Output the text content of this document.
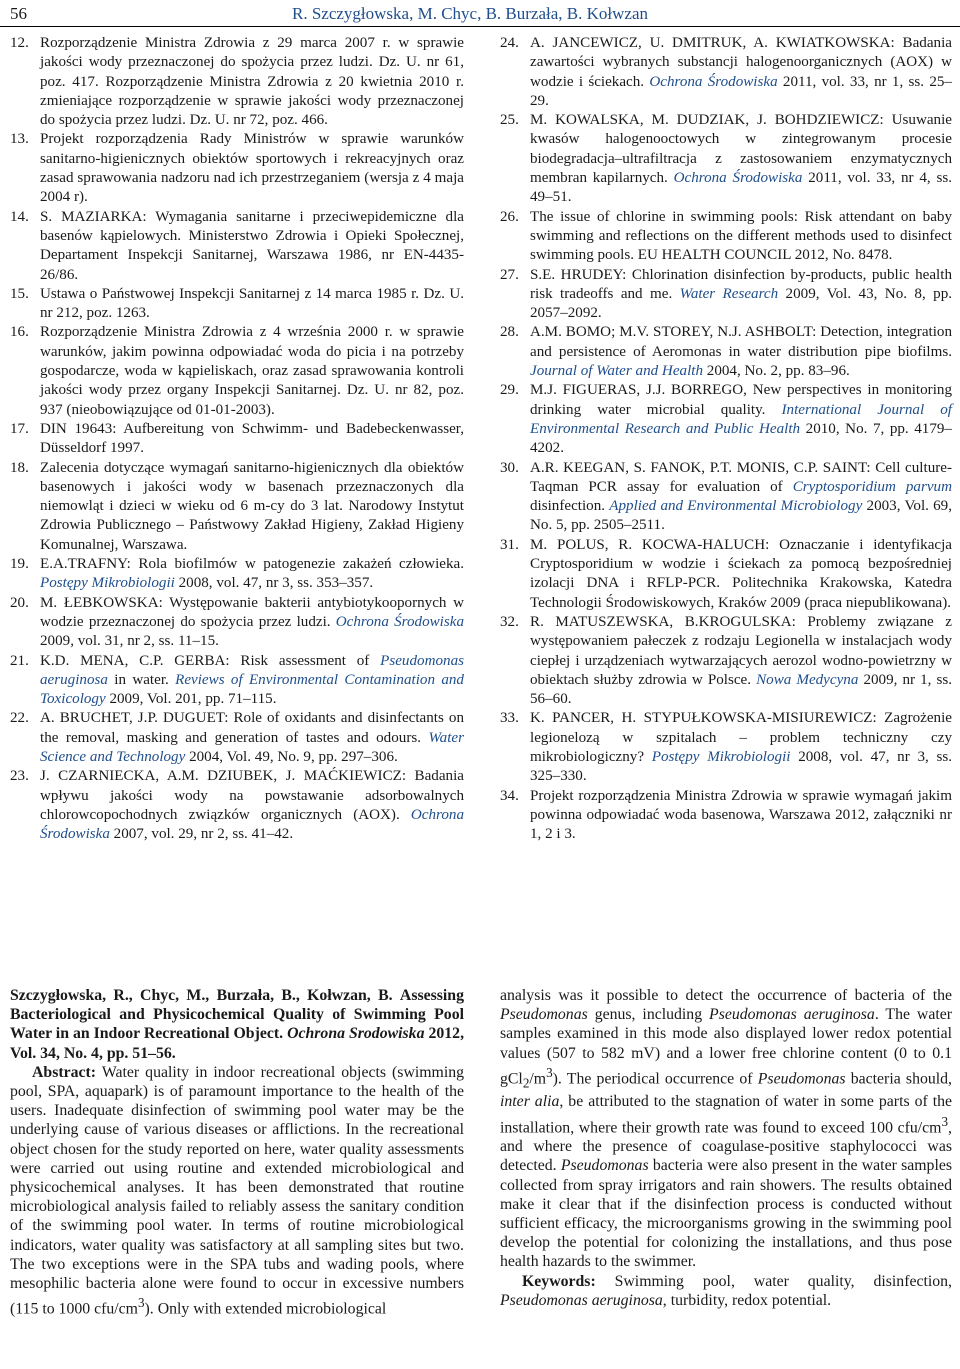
56	R. Szczygłowska, M. Chyc, B. Burzała, B. Kołwzan
12. Rozporządzenie Ministra Zdrowia z 29 marca 2007 r. w sprawie jakości wody przeznaczonej do spożycia przez ludzi. Dz. U. nr 61, poz. 417. Rozporządzenie Ministra Zdrowia z 20 kwietnia 2010 r. zmieniające rozporządzenie w sprawie jakości wody przeznaczonej do spożycia przez ludzi. Dz. U. nr 72, poz. 466.
13. Projekt rozporządzenia Rady Ministrów w sprawie warunków sanitarno-higienicznych obiektów sportowych i rekreacyjnych oraz zasad sprawowania nadzoru nad ich przestrzeganiem (wersja z 4 maja 2004 r).
14. S. MAZIARKA: Wymagania sanitarne i przeciwepidemiczne dla basenów kąpielowych. Ministerstwo Zdrowia i Opieki Społecznej, Departament Inspekcji Sanitarnej, Warszawa 1986, nr EN-4435-26/86.
15. Ustawa o Państwowej Inspekcji Sanitarnej z 14 marca 1985 r. Dz. U. nr 212, poz. 1263.
16. Rozporządzenie Ministra Zdrowia z 4 września 2000 r. w sprawie warunków, jakim powinna odpowiadać woda do picia i na potrzeby gospodarcze, woda w kąpieliskach, oraz zasad sprawowania kontroli jakości wody przez organy Inspekcji Sanitarnej. Dz. U. nr 82, poz. 937 (nieobowiązujące od 01-01-2003).
17. DIN 19643: Aufbereitung von Schwimm- und Badebeckenwasser, Düsseldorf 1997.
18. Zalecenia dotyczące wymagań sanitarno-higienicznych dla obiektów basenowych i jakości wody w basenach przeznaczonych dla niemowląt i dzieci w wieku od 6 m-cy do 3 lat. Narodowy Instytut Zdrowia Publicznego – Państwowy Zakład Higieny, Zakład Higieny Komunalnej, Warszawa.
19. E.A.TRAFNY: Rola biofilmów w patogenezie zakażeń człowieka. Postępy Mikrobiologii 2008, vol. 47, nr 3, ss. 353–357.
20. M. ŁEBKOWSKA: Występowanie bakterii antybiotykoopornych w wodzie przeznaczonej do spożycia przez ludzi. Ochrona Środowiska 2009, vol. 31, nr 2, ss. 11–15.
21. K.D. MENA, C.P. GERBA: Risk assessment of Pseudomonas aeruginosa in water. Reviews of Environmental Contamination and Toxicology 2009, Vol. 201, pp. 71–115.
22. A. BRUCHET, J.P. DUGUET: Role of oxidants and disinfectants on the removal, masking and generation of tastes and odours. Water Science and Technology 2004, Vol. 49, No. 9, pp. 297–306.
23. J. CZARNIECKA, A.M. DZIUBEK, J. MAĆKIEWICZ: Badania wpływu jakości wody na powstawanie adsorbowalnych chlorowcopochodnych związków organicznych (AOX). Ochrona Środowiska 2007, vol. 29, nr 2, ss. 41–42.
24. A. JANCEWICZ, U. DMITRUK, A. KWIATKOWSKA: Badania zawartości wybranych substancji halogenoorganicznych (AOX) w wodzie i ściekach. Ochrona Środowiska 2011, vol. 33, nr 1, ss. 25–29.
25. M. KOWALSKA, M. DUDZIAK, J. BOHDZIEWICZ: Usuwanie kwasów halogenooctowych w zintegrowanym procesie biodegradacja–ultrafiltracja z zastosowaniem enzymatycznych membran kapilarnych. Ochrona Środowiska 2011, vol. 33, nr 4, ss. 49–51.
26. The issue of chlorine in swimming pools: Risk attendant on baby swimming and reflections on the different methods used to disinfect swimming pools. EU HEALTH COUNCIL 2012, No. 8478.
27. S.E. HRUDEY: Chlorination disinfection by-products, public health risk tradeoffs and me. Water Research 2009, Vol. 43, No. 8, pp. 2057–2092.
28. A.M. BOMO; M.V. STOREY, N.J. ASHBOLT: Detection, integration and persistence of Aeromonas in water distribution pipe biofilms. Journal of Water and Health 2004, No. 2, pp. 83–96.
29. M.J. FIGUERAS, J.J. BORREGO, New perspectives in monitoring drinking water microbial quality. International Journal of Environmental Research and Public Health 2010, No. 7, pp. 4179–4202.
30. A.R. KEEGAN, S. FANOK, P.T. MONIS, C.P. SAINT: Cell culture-Taqman PCR assay for evaluation of Cryptosporidium parvum disinfection. Applied and Environmental Microbiology 2003, Vol. 69, No. 5, pp. 2505–2511.
31. M. POLUS, R. KOCWA-HALUCH: Oznaczanie i identyfikacja Cryptosporidium w wodzie i ściekach za pomocą bezpośredniej izolacji DNA i RFLP-PCR. Politechnika Krakowska, Katedra Technologii Środowiskowych, Kraków 2009 (praca niepublikowana).
32. R. MATUSZEWSKA, B.KROGULSKA: Problemy związane z występowaniem pałeczek z rodzaju Legionella w instalacjach wody ciepłej i urządzeniach wytwarzających aerozol wodno-powietrzny w obiektach służby zdrowia w Polsce. Nowa Medycyna 2009, nr 1, ss. 56–60.
33. K. PANCER, H. STYPUŁKOWSKA-MISIUREWICZ: Zagrożenie legionelozą w szpitalach – problem techniczny czy mikrobiologiczny? Postępy Mikrobiologii 2008, vol. 47, nr 3, ss. 325–330.
34. Projekt rozporządzenia Ministra Zdrowia w sprawie wymagań jakim powinna odpowiadać woda basenowa, Warszawa 2012, załączniki nr 1, 2 i 3.

Szczygłowska, R., Chyc, M., Burzała, B., Kołwzan, B. Assessing Bacteriological and Physicochemical Quality of Swimming Pool Water in an Indoor Recreational Object. Ochrona Srodowiska 2012, Vol. 34, No. 4, pp. 51–56.

Abstract: Water quality in indoor recreational objects (swimming pool, SPA, aquapark) is of paramount importance to the health of the users. Inadequate disinfection of swimming pool water may be the underlying cause of various diseases or afflictions. In the recreational object chosen for the study reported on here, water quality assessments were carried out using routine and extended microbiological and physicochemical analyses. It has been demonstrated that routine microbiological analysis failed to reliably assess the sanitary condition of the swimming pool water. In terms of routine microbiological indicators, water quality was satisfactory at all sampling sites but two. The two exceptions were in the SPA tubs and wading pools, where mesophilic bacteria alone were found to occur in excessive numbers (115 to 1000 cfu/$cm^3$). Only with extended microbiological

analysis was it possible to detect the occurrence of bacteria of the Pseudomonas genus, including Pseudomonas aeruginosa. The water samples examined in this mode also displayed lower redox potential values (507 to 582 mV) and a lower free chlorine content (0 to 0.1 $gCl_2/m^3$). The periodical occurrence of Pseudomonas bacteria should, inter alia, be attributed to the stagnation of water in some parts of the installation, where their growth rate was found to exceed 100 cfu/$cm^3$, and where the presence of coagulase-positive staphylococci was detected. Pseudomonas bacteria were also present in the water samples collected from spray irrigators and rain showers. The results obtained make it clear that if the disinfection process is conducted without sufficient efficacy, the microorganisms growing in the swimming pool develop the potential for colonizing the installations, and thus pose health hazards to the swimmer.

Keywords: Swimming pool, water quality, disinfection, Pseudomonas aeruginosa, turbidity, redox potential.
